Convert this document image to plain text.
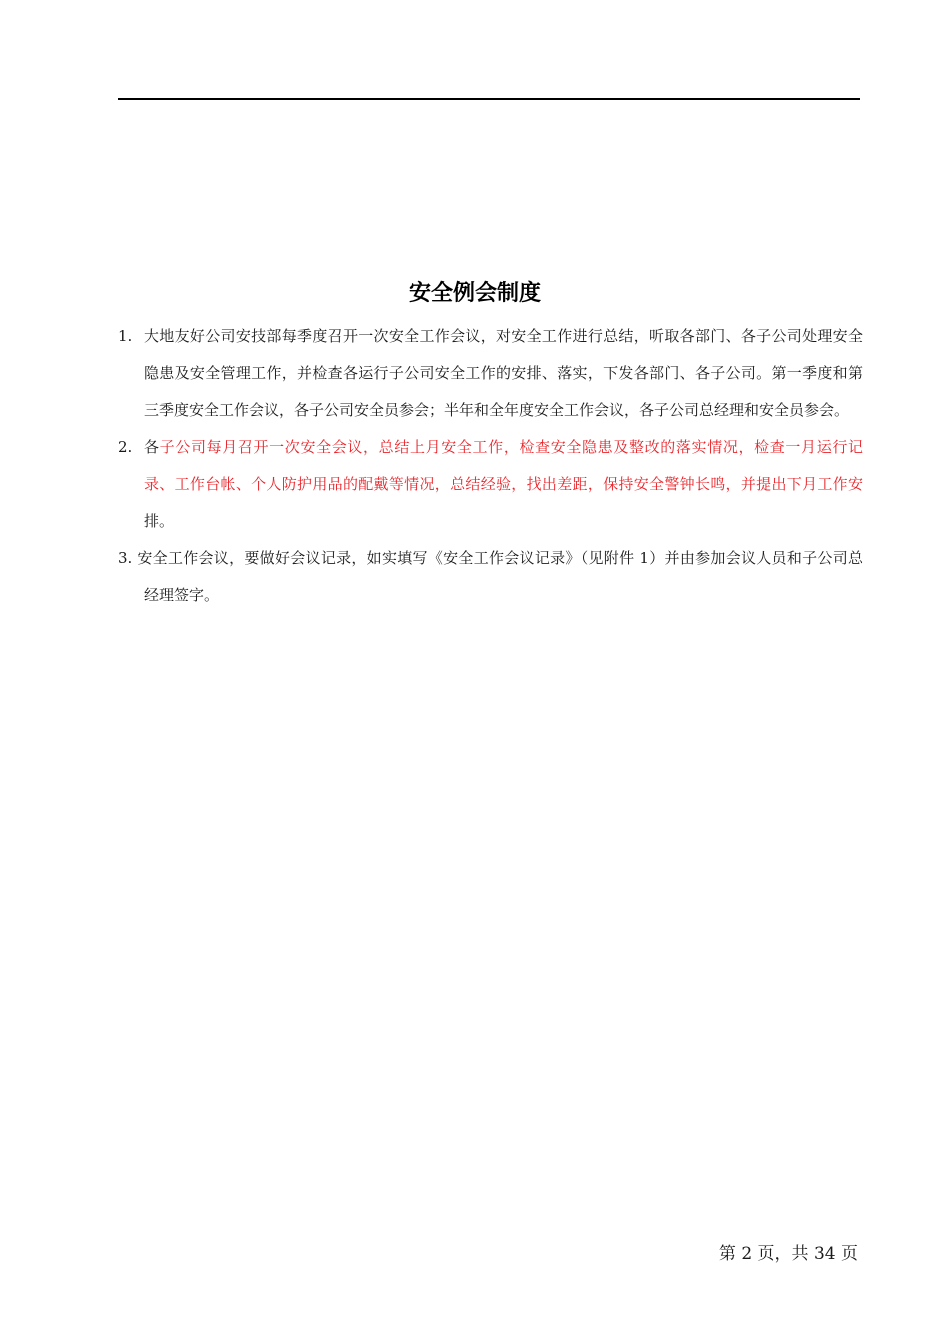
安全例会制度
1. 大地友好公司安技部每季度召开一次安全工作会议，对安全工作进行总结，听取各部门、各子公司处理安全隐患及安全管理工作，并检查各运行子公司安全工作的安排、落实，下发各部门、各子公司。第一季度和第三季度安全工作会议，各子公司安全员参会；半年和全年度安全工作会议，各子公司总经理和安全员参会。
2. 各子公司每月召开一次安全会议，总结上月安全工作，检查安全隐患及整改的落实情况，检查一月运行记录、工作台帐、个人防护用品的配戴等情况，总结经验，找出差距，保持安全警钟长鸣，并提出下月工作安排。
3. 安全工作会议，要做好会议记录，如实填写《安全工作会议记录》（见附件 1）并由参加会议人员和子公司总经理签字。
第 2 页，共 34 页
